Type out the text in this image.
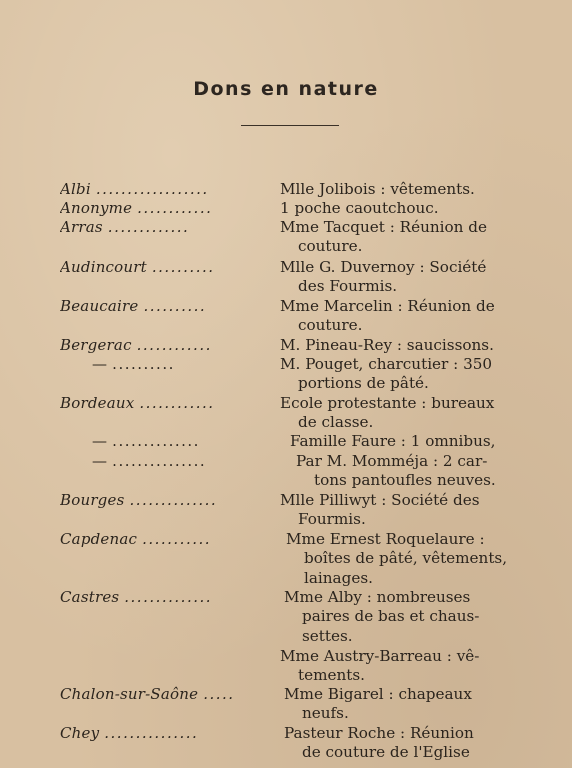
Dons en nature
Albi ..................	Mlle Jolibois : vêtements.
Anonyme ............	1 poche caoutchouc.
Arras .............	Mme Tacquet : Réunion de
couture.
Audincourt ..........	Mlle G. Duvernoy : Société
des Fourmis.
Beaucaire ..........	Mme Marcelin : Réunion de
couture.
Bergerac ............	M. Pineau-Rey : saucissons.
— ..........	M. Pouget, charcutier : 350
portions de pâté.
Bordeaux ............	Ecole protestante : bureaux
de classe.
— ..............	Famille Faure : 1 omnibus,
— ...............	Par M. Momméja : 2 car-
tons pantoufles neuves.
Bourges ..............	Mlle Pilliwyt : Société des
Fourmis.
Capdenac ...........	Mme Ernest Roquelaure :
boîtes de pâté, vêtements,
lainages.
Castres ..............	Mme Alby : nombreuses
paires de bas et chaus-
settes.
Mme Austry-Barreau : vê-
tements.
Chalon-sur-Saône .....	Mme Bigarel : chapeaux
neufs.
Chey ...............	Pasteur Roche : Réunion
de couture de l'Eglise
